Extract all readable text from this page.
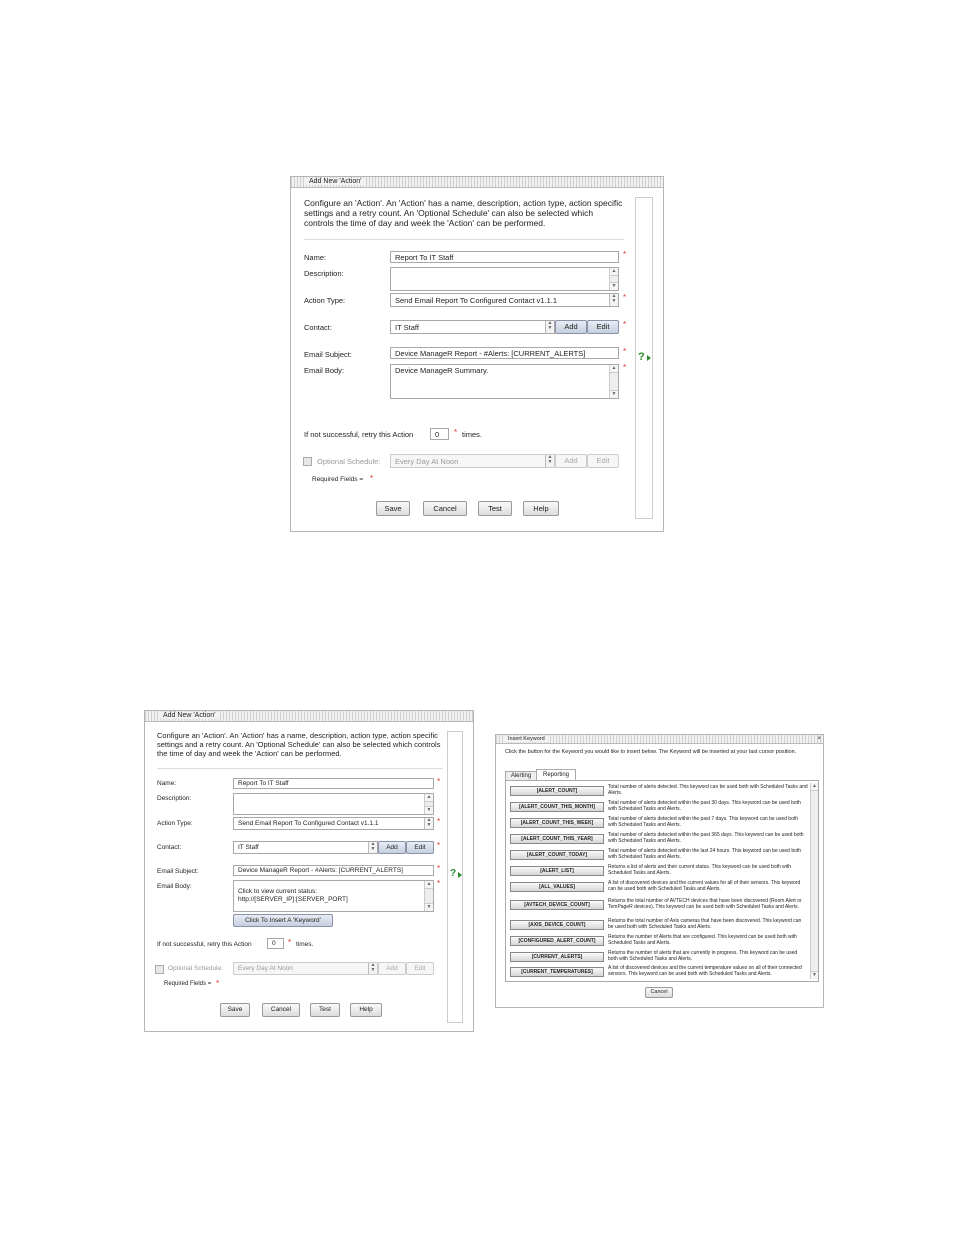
Add New 'Action'
Configure an 'Action'. An 'Action' has a name, description, action type, action specific settings and a retry count. An 'Optional Schedule' can also be selected which controls the time of day and week the 'Action' can be performed.
Name:	Report To IT Staff	*
Description:	▲
▼
Action Type:	Send Email Report To Configured Contact v1.1.1	▲
▼ *
Contact:	IT Staff	▲
▼	Add	Edit	*
Email Subject:	Device ManageR Report - #Alerts: [CURRENT_ALERTS]	* ?
Email Body:	Device ManageR Summary.	▲
▼
*
If not successful, retry this Action	0	* times.
Optional Schedule:	Every Day At Noon	▲
▼	Add	Edit
Required Fields = *
Save	Cancel	Test	Help
Add New 'Action'
Configure an 'Action'. An 'Action' has a name, description, action type, action specific settings and a retry count. An 'Optional Schedule' can also be selected which controls the time of day and week the 'Action' can be performed.
Name:	Report To IT Staff	*
Description:	▲
▼
Action Type:	Send Email Report To Configured Contact v1.1.1	▲
▼ *
Contact:	IT Staff	▲
▼	Add	Edit	*
Email Subject:	Device ManageR Report - #Alerts: [CURRENT_ALERTS]	* ?
Email Body:
Click to view current status:
http://[SERVER_IP]:[SERVER_PORT]
▲
▼
*
Click To Insert A 'Keyword'
If not successful, retry this Action	0	* times.
Optional Schedule:	Every Day At Noon	▲
▼	Add	Edit
Required Fields = *
Save	Cancel	Test	Help
Insert Keyword	×
Click the button for the Keyword you would like to insert below. The Keyword will be inserted at your last cursor position.
Alerting	Reporting
[ALERT_COUNT]
Total number of alerts detected. This keyword can be used both with Scheduled Tasks and Alerts.
[ALERT_COUNT_THIS_MONTH]
Total number of alerts detected within the past 30 days. This keyword can be used both with Scheduled Tasks and Alerts.
[ALERT_COUNT_THIS_WEEK]
Total number of alerts detected within the past 7 days. This keyword can be used both with Scheduled Tasks and Alerts.
[ALERT_COUNT_THIS_YEAR]
Total number of alerts detected within the past 365 days. This keyword can be used both with Scheduled Tasks and Alerts.
[ALERT_COUNT_TODAY]
Total number of alerts detected within the last 24 hours. This keyword can be used both with Scheduled Tasks and Alerts.
[ALERT_LIST]
Returns a list of alerts and their current status. This keyword can be used both with Scheduled Tasks and Alerts.
[ALL_VALUES]
A list of discovered devices and the current values for all of their sensors. This keyword can be used both with Scheduled Tasks and Alerts.
[AVTECH_DEVICE_COUNT]
Returns the total number of AVTECH devices that have been discovered (Room Alert or TemPageR devices). This keyword can be used both with Scheduled Tasks and Alerts.
[AXIS_DEVICE_COUNT]
Returns the total number of Axis cameras that have been discovered. This keyword can be used both with Scheduled Tasks and Alerts.
[CONFIGURED_ALERT_COUNT]
Returns the number of Alerts that are configured. This keyword can be used both with Scheduled Tasks and Alerts.
[CURRENT_ALERTS]
Returns the number of alerts that are currently in progress. This keyword can be used both with Scheduled Tasks and Alerts.
[CURRENT_TEMPERATURES]
A list of discovered devices and the current temperature values on all of their connected sensors. This keyword can be used both with Scheduled Tasks and Alerts.
▲
▼
Cancel
